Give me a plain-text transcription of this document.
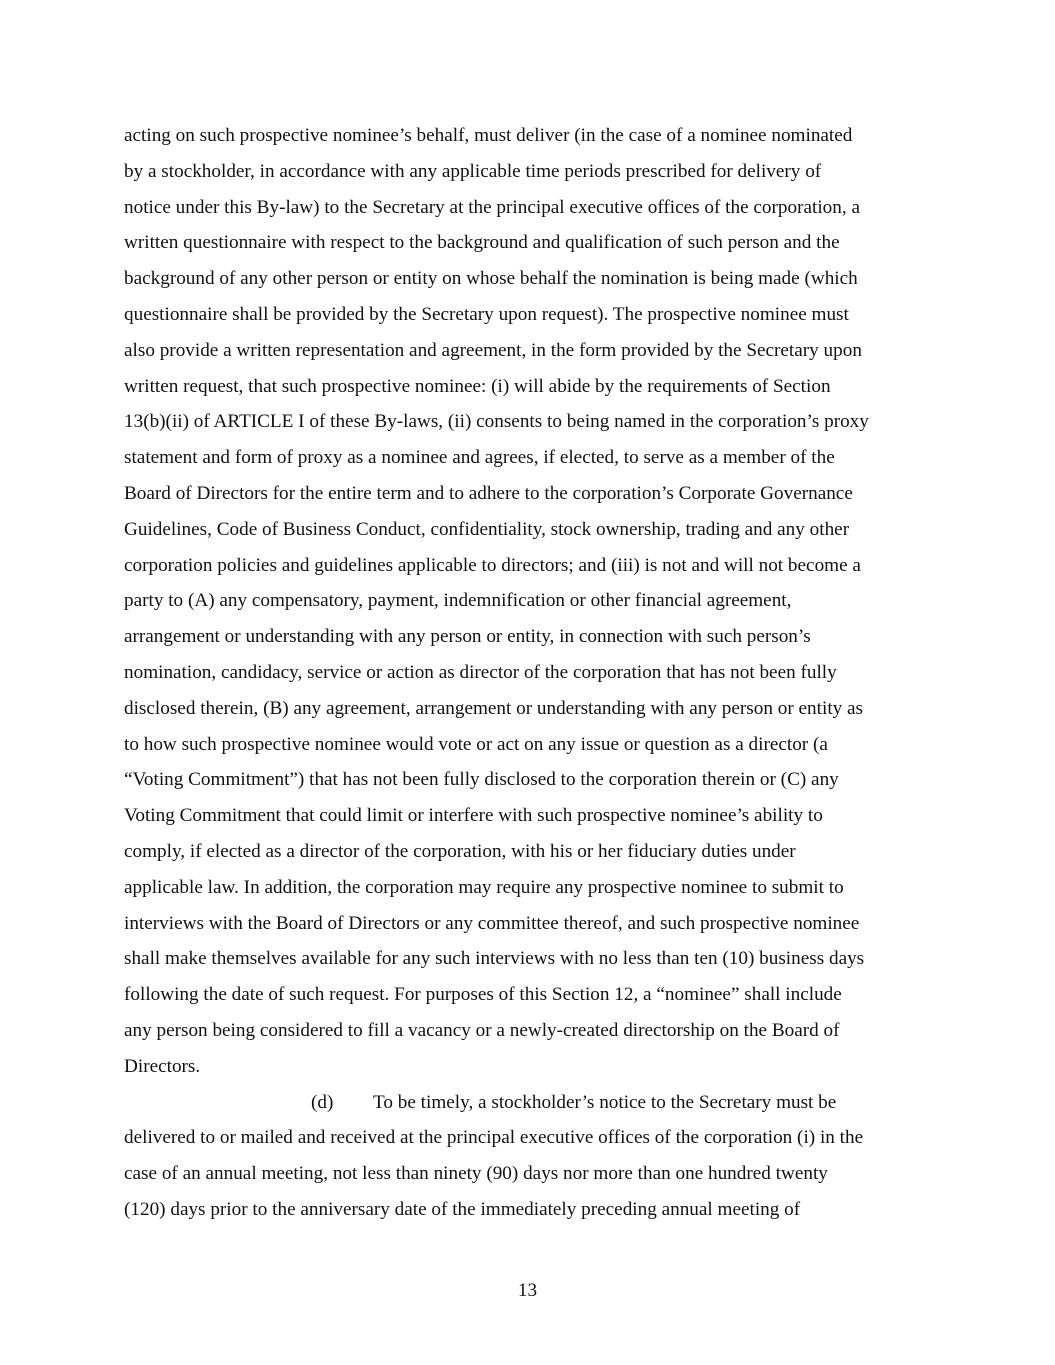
acting on such prospective nominee’s behalf, must deliver (in the case of a nominee nominated
by a stockholder, in accordance with any applicable time periods prescribed for delivery of
notice under this By-law) to the Secretary at the principal executive offices of the corporation, a
written questionnaire with respect to the background and qualification of such person and the
background of any other person or entity on whose behalf the nomination is being made (which
questionnaire shall be provided by the Secretary upon request). The prospective nominee must
also provide a written representation and agreement, in the form provided by the Secretary upon
written request, that such prospective nominee: (i) will abide by the requirements of Section
13(b)(ii) of ARTICLE I of these By-laws, (ii) consents to being named in the corporation’s proxy
statement and form of proxy as a nominee and agrees, if elected, to serve as a member of the
Board of Directors for the entire term and to adhere to the corporation’s Corporate Governance
Guidelines, Code of Business Conduct, confidentiality, stock ownership, trading and any other
corporation policies and guidelines applicable to directors; and (iii) is not and will not become a
party to (A) any compensatory, payment, indemnification or other financial agreement,
arrangement or understanding with any person or entity, in connection with such person’s
nomination, candidacy, service or action as director of the corporation that has not been fully
disclosed therein, (B) any agreement, arrangement or understanding with any person or entity as
to how such prospective nominee would vote or act on any issue or question as a director (a
“Voting Commitment”) that has not been fully disclosed to the corporation therein or (C) any
Voting Commitment that could limit or interfere with such prospective nominee’s ability to
comply, if elected as a director of the corporation, with his or her fiduciary duties under
applicable law. In addition, the corporation may require any prospective nominee to submit to
interviews with the Board of Directors or any committee thereof, and such prospective nominee
shall make themselves available for any such interviews with no less than ten (10) business days
following the date of such request. For purposes of this Section 12, a “nominee” shall include
any person being considered to fill a vacancy or a newly-created directorship on the Board of
Directors.
(d) To be timely, a stockholder’s notice to the Secretary must be
delivered to or mailed and received at the principal executive offices of the corporation (i) in the
case of an annual meeting, not less than ninety (90) days nor more than one hundred twenty
(120) days prior to the anniversary date of the immediately preceding annual meeting of
13
